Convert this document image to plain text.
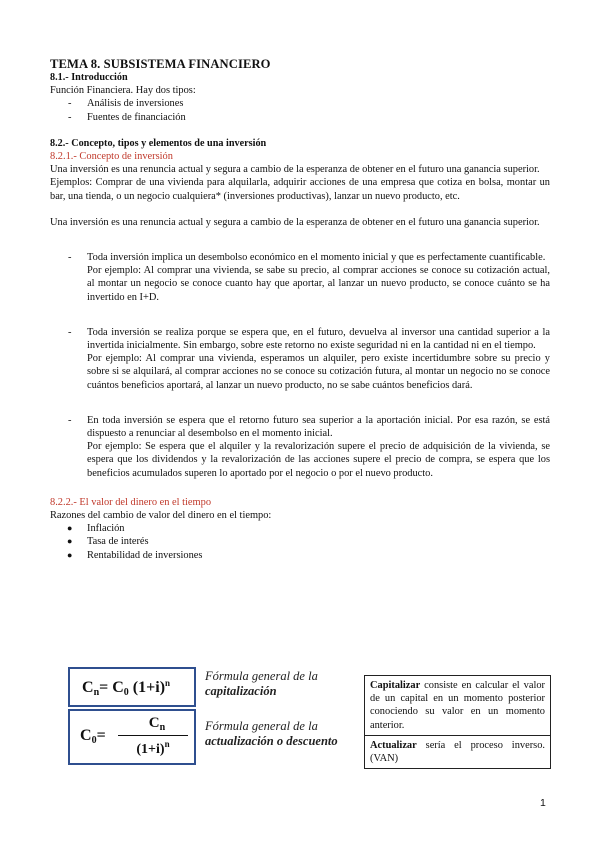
TEMA 8. SUBSISTEMA FINANCIERO
8.1.- Introducción

Función Financiera. Hay dos tipos:

- Análisis de inversiones
- Fuentes de financiación
8.2.- Concepto, tipos y elementos de una inversión
8.2.1.- Concepto de inversión

Una inversión es una renuncia actual y segura a cambio de la esperanza de obtener en el futuro una ganancia superior.

Ejemplos: Comprar de una vivienda para alquilarla, adquirir acciones de una empresa que cotiza en bolsa, montar un bar, una tienda, o un negocio cualquiera* (inversiones productivas), lanzar un nuevo producto, etc.

Una inversión es una renuncia actual y segura a cambio de la esperanza de obtener en el futuro una ganancia superior.

- Toda inversión implica un desembolso económico en el momento inicial y que es perfectamente cuantificable.
Por ejemplo: Al comprar una vivienda, se sabe su precio, al comprar acciones se conoce su cotización actual, al montar un negocio se conoce cuanto hay que aportar, al lanzar un nuevo producto, se conoce cuánto se ha invertido en I+D.
- Toda inversión se realiza porque se espera que, en el futuro, devuelva al inversor una cantidad superior a la invertida inicialmente. Sin embargo, sobre este retorno no existe seguridad ni en la cantidad ni en el tiempo.
Por ejemplo: Al comprar una vivienda, esperamos un alquiler, pero existe incertidumbre sobre su precio y sobre si se alquilará, al comprar acciones no se conoce su cotización futura, al montar un negocio no se conoce cuántos beneficios aportará, al lanzar un nuevo producto, no se sabe cuántos beneficios dará.
- En toda inversión se espera que el retorno futuro sea superior a la aportación inicial. Por esa razón, se está dispuesto a renunciar al desembolso en el momento inicial.
Por ejemplo: Se espera que el alquiler y la revalorización supere el precio de adquisición de la vivienda, se espera que los dividendos y la revalorización de las acciones supere el precio de compra, se espera que los beneficios acumulados superen lo aportado por el negocio o por el nuevo producto.
8.2.2.- El valor del dinero en el tiempo

Razones del cambio de valor del dinero en el tiempo:

● Inflación
● Tasa de interés
● Rentabilidad de inversiones
Cn= C0 $(1+i)^n$	Fórmula general de la
capitalización
C0=
$C_n$
$(1+i)^n$
Fórmula general de la
actualización o descuento
Capitalizar consiste en calcular el valor de un capital en un momento posterior conociendo su valor en un momento anterior.
Actualizar sería el proceso inverso. (VAN)
1
